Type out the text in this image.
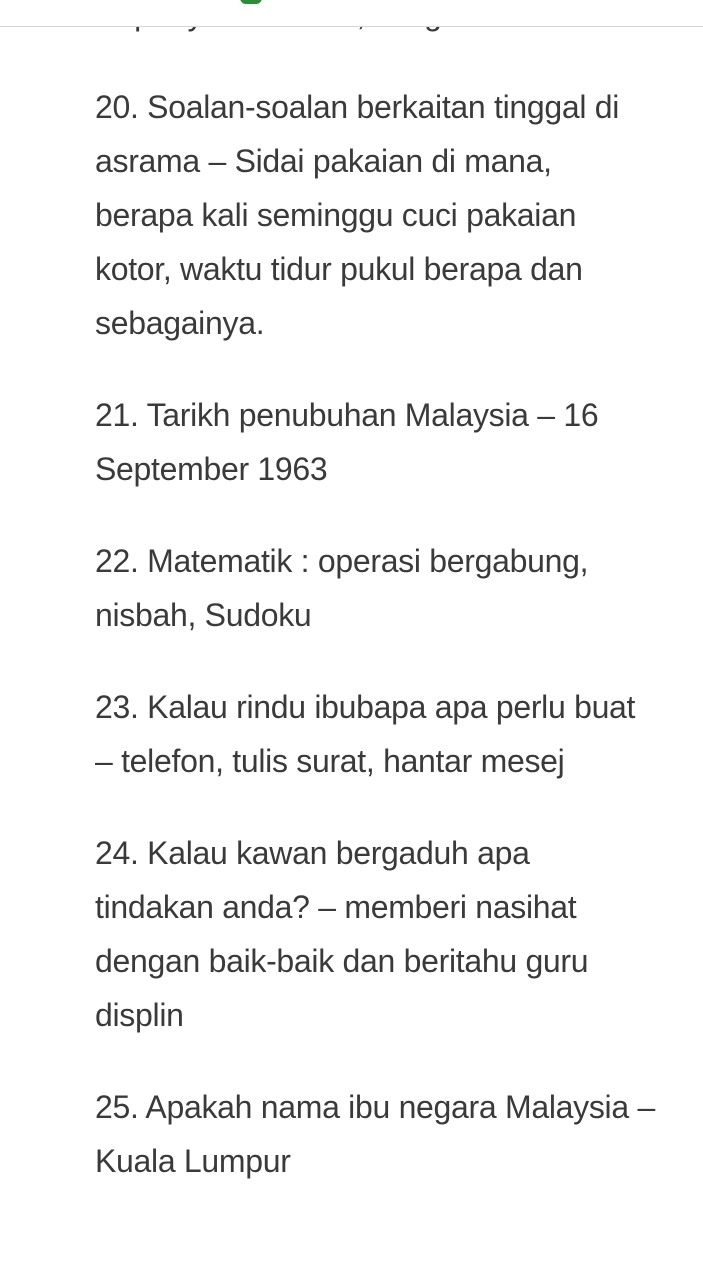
20. Soalan-soalan berkaitan tinggal di asrama – Sidai pakaian di mana, berapa kali seminggu cuci pakaian kotor, waktu tidur pukul berapa dan sebagainya.

21. Tarikh penubuhan Malaysia – 16 September 1963

22. Matematik : operasi bergabung, nisbah, Sudoku

23. Kalau rindu ibubapa apa perlu buat – telefon, tulis surat, hantar mesej

24. Kalau kawan bergaduh apa tindakan anda? – memberi nasihat dengan baik-baik dan beritahu guru displin

25. Apakah nama ibu negara Malaysia – Kuala Lumpur
